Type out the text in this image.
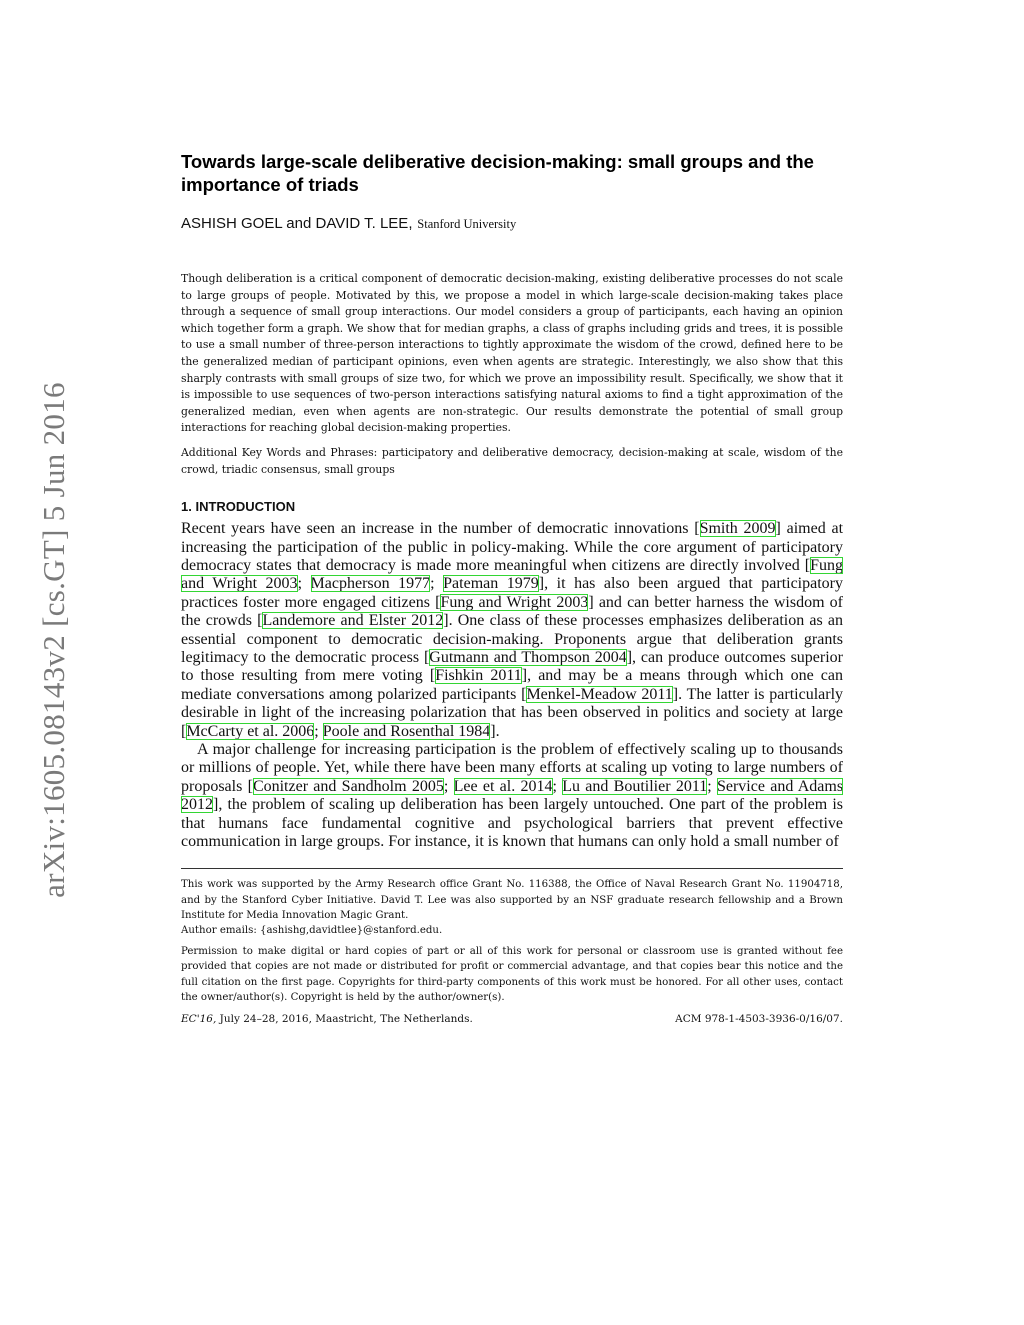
arXiv:1605.08143v2 [cs.GT] 5 Jun 2016
Towards large-scale deliberative decision-making: small groups and the importance of triads
ASHISH GOEL and DAVID T. LEE, Stanford University

Though deliberation is a critical component of democratic decision-making, existing deliberative processes do not scale to large groups of people. Motivated by this, we propose a model in which large-scale decision-making takes place through a sequence of small group interactions. Our model considers a group of participants, each having an opinion which together form a graph. We show that for median graphs, a class of graphs including grids and trees, it is possible to use a small number of three-person interactions to tightly approximate the wisdom of the crowd, defined here to be the generalized median of participant opinions, even when agents are strategic. Interestingly, we also show that this sharply contrasts with small groups of size two, for which we prove an impossibility result. Specifically, we show that it is impossible to use sequences of two-person interactions satisfying natural axioms to find a tight approximation of the generalized median, even when agents are non-strategic. Our results demonstrate the potential of small group interactions for reaching global decision-making properties.

Additional Key Words and Phrases: participatory and deliberative democracy, decision-making at scale, wisdom of the crowd, triadic consensus, small groups

1. INTRODUCTION

Recent years have seen an increase in the number of democratic innovations [Smith 2009] aimed at increasing the participation of the public in policy-making. While the core argument of participatory democracy states that democracy is made more meaningful when citizens are directly involved [Fung and Wright 2003; Macpherson 1977; Pateman 1979], it has also been argued that participatory practices foster more engaged citizens [Fung and Wright 2003] and can better harness the wisdom of the crowds [Landemore and Elster 2012]. One class of these processes emphasizes deliberation as an essential component to democratic decision-making. Proponents argue that deliberation grants legitimacy to the democratic process [Gutmann and Thompson 2004], can produce outcomes superior to those resulting from mere voting [Fishkin 2011], and may be a means through which one can mediate conversations among polarized participants [Menkel-Meadow 2011]. The latter is particularly desirable in light of the increasing polarization that has been observed in politics and society at large [McCarty et al. 2006; Poole and Rosenthal 1984].

A major challenge for increasing participation is the problem of effectively scaling up to thousands or millions of people. Yet, while there have been many efforts at scaling up voting to large numbers of proposals [Conitzer and Sandholm 2005; Lee et al. 2014; Lu and Boutilier 2011; Service and Adams 2012], the problem of scaling up deliberation has been largely untouched. One part of the problem is that humans face fundamental cognitive and psychological barriers that prevent effective communication in large groups. For instance, it is known that humans can only hold a small number of

This work was supported by the Army Research office Grant No. 116388, the Office of Naval Research Grant No. 11904718, and by the Stanford Cyber Initiative. David T. Lee was also supported by an NSF graduate research fellowship and a Brown Institute for Media Innovation Magic Grant.

Author emails: {ashishg,davidtlee}@stanford.edu.

Permission to make digital or hard copies of part or all of this work for personal or classroom use is granted without fee provided that copies are not made or distributed for profit or commercial advantage, and that copies bear this notice and the full citation on the first page. Copyrights for third-party components of this work must be honored. For all other uses, contact the owner/author(s). Copyright is held by the author/owner(s).

EC'16, July 24–28, 2016, Maastricht, The Netherlands.	ACM 978-1-4503-3936-0/16/07.
